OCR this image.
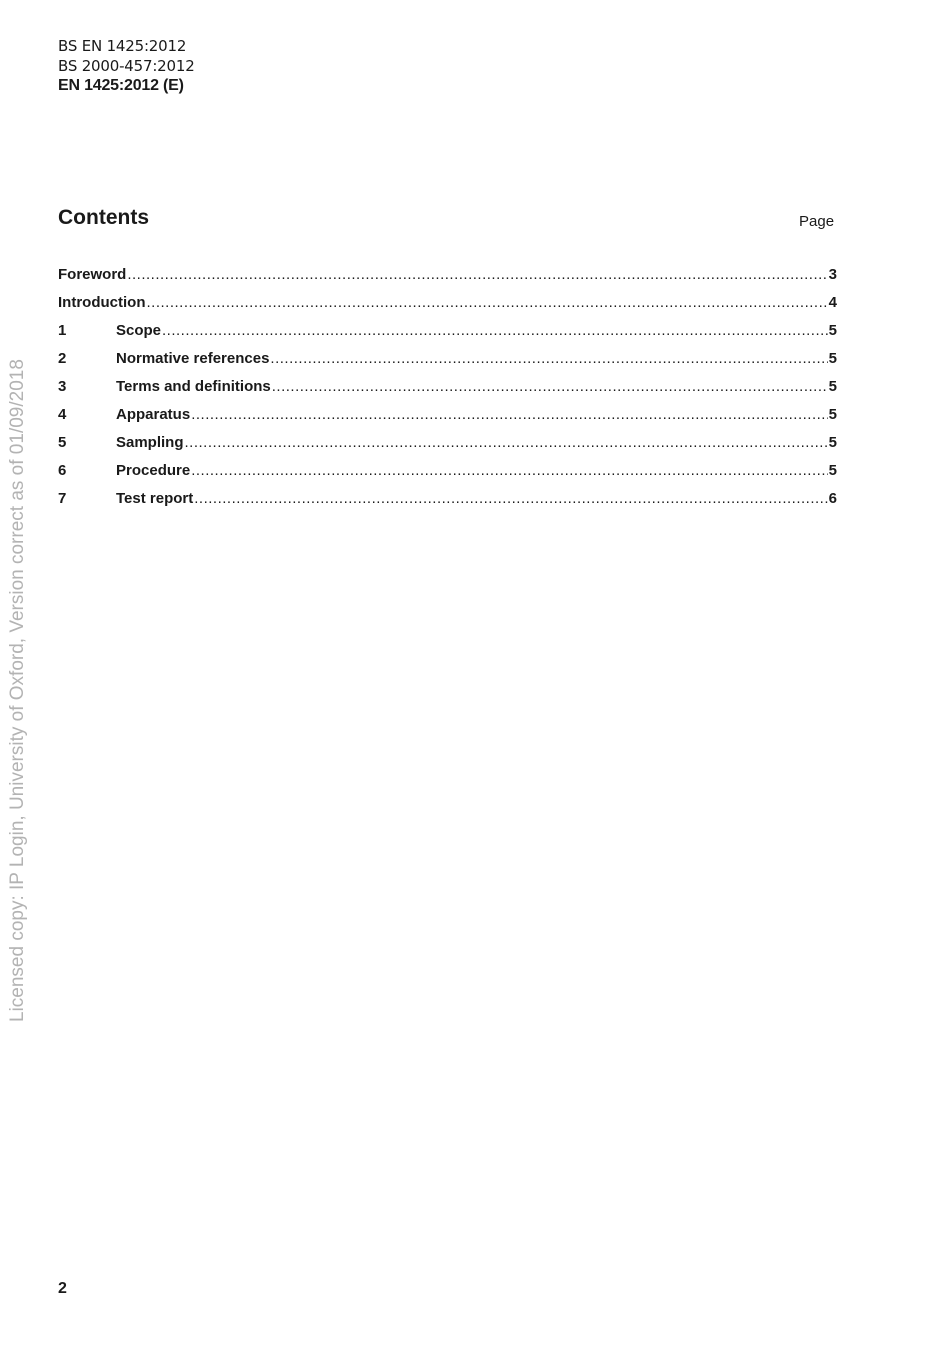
BS EN 1425:2012
BS 2000-457:2012
EN 1425:2012 (E)
Contents	Page
Foreword .....	3
Introduction .....	4
1	Scope .....	5
2	Normative references .....	5
3	Terms and definitions .....	5
4	Apparatus .....	5
5	Sampling .....	5
6	Procedure .....	5
7	Test report .....	6
Licensed copy: IP Login, University of Oxford, Version correct as of 01/09/2018
2
